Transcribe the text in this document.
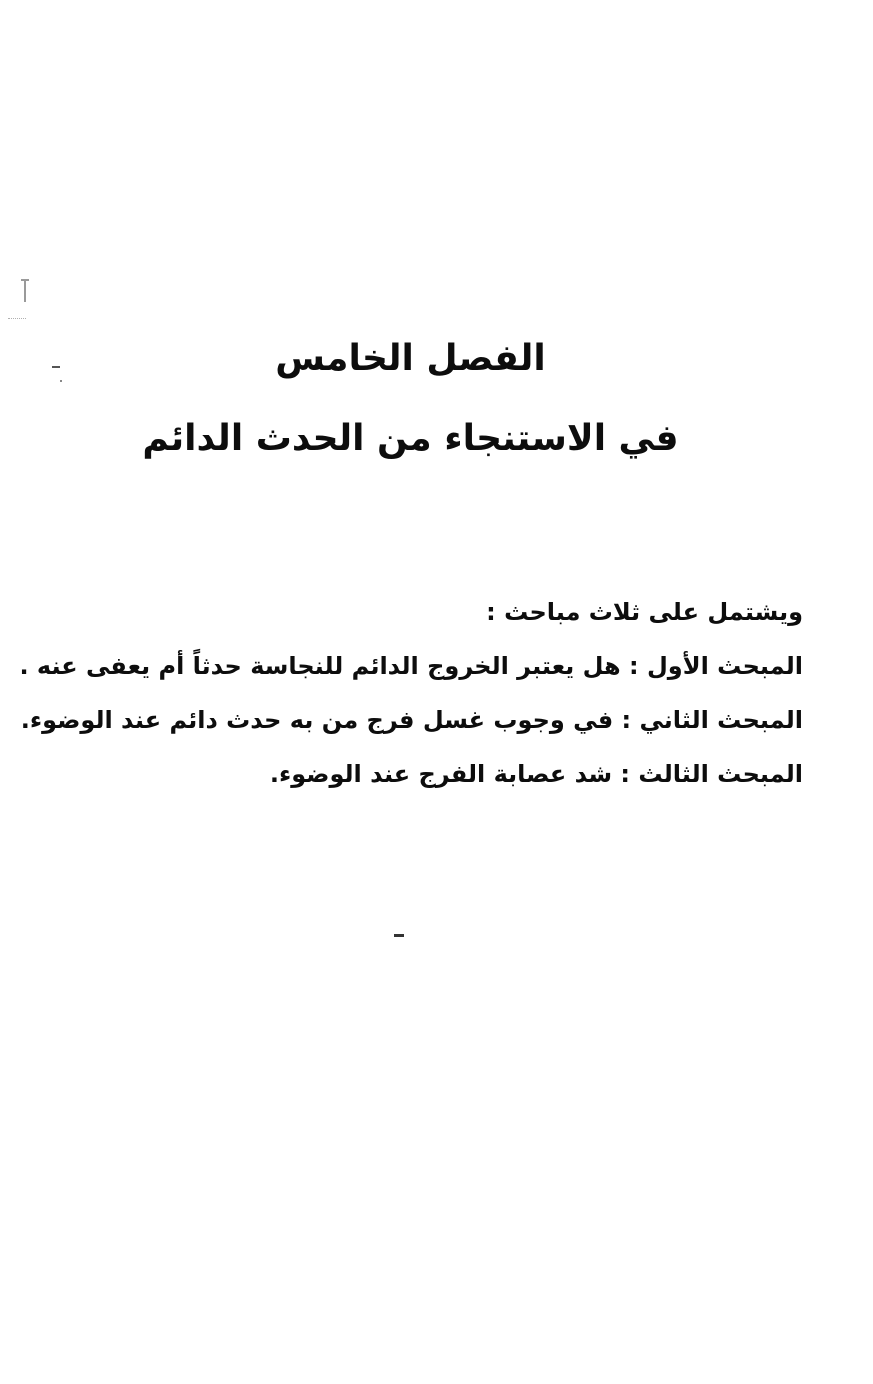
الفصل الخامس
في الاستنجاء من الحدث الدائم
ويشتمل على ثلاث مباحث :
المبحث الأول : هل يعتبر الخروج الدائم للنجاسة حدثاً أم يعفى عنه .
المبحث الثاني : في وجوب غسل فرج من به حدث دائم عند الوضوء.
المبحث الثالث : شد عصابة الفرج عند الوضوء.
